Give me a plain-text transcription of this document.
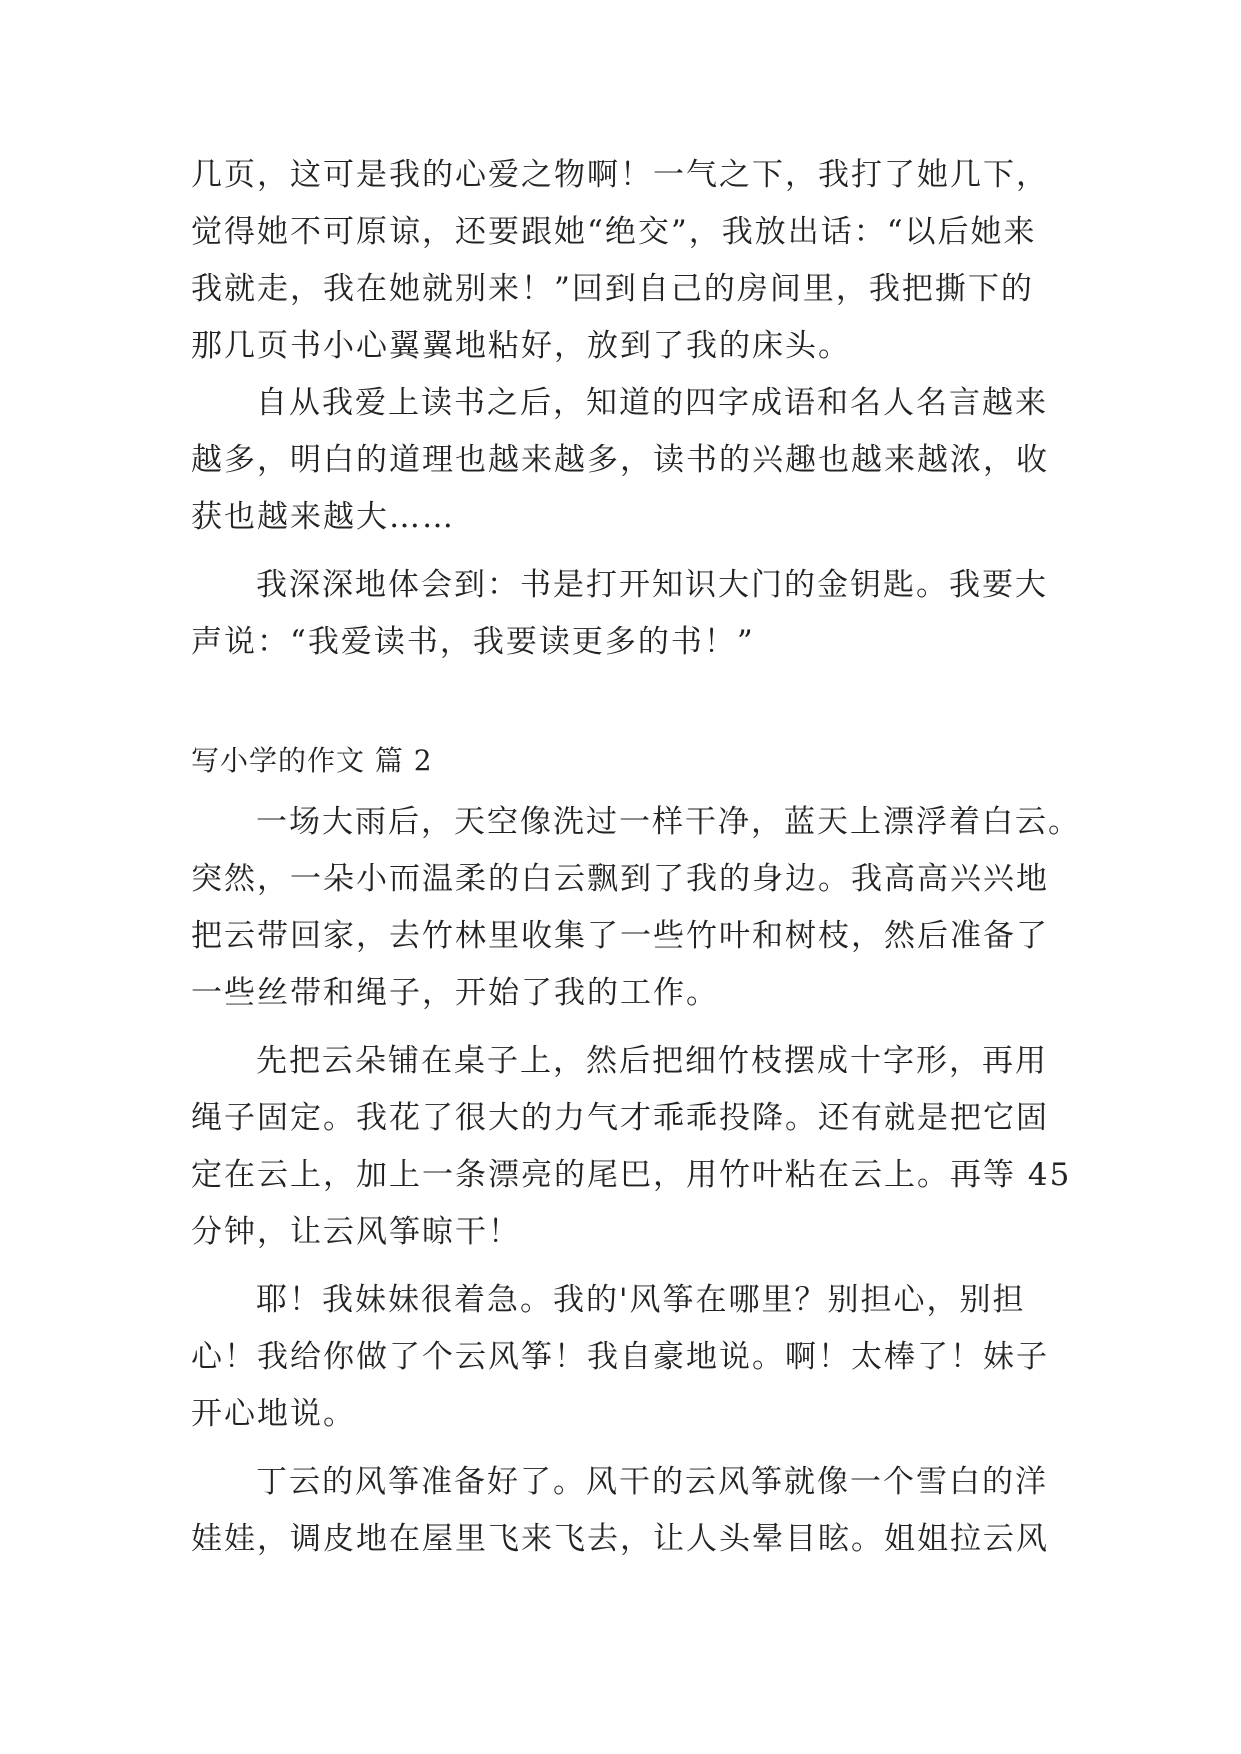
几页，这可是我的心爱之物啊！一气之下，我打了她几下，
觉得她不可原谅，还要跟她“绝交”，我放出话：“以后她来
我就走，我在她就别来！”回到自己的房间里，我把撕下的
那几页书小心翼翼地粘好，放到了我的床头。
自从我爱上读书之后，知道的四字成语和名人名言越来
越多，明白的道理也越来越多，读书的兴趣也越来越浓，收
获也越来越大……
我深深地体会到：书是打开知识大门的金钥匙。我要大
声说：“我爱读书，我要读更多的书！”
写小学的作文 篇 2
一场大雨后，天空像洗过一样干净，蓝天上漂浮着白云。
突然，一朵小而温柔的白云飘到了我的身边。我高高兴兴地
把云带回家，去竹林里收集了一些竹叶和树枝，然后准备了
一些丝带和绳子，开始了我的工作。
先把云朵铺在桌子上，然后把细竹枝摆成十字形，再用
绳子固定。我花了很大的力气才乖乖投降。还有就是把它固
定在云上，加上一条漂亮的尾巴，用竹叶粘在云上。再等 45
分钟，让云风筝晾干！
耶！我妹妹很着急。我的'风筝在哪里？别担心，别担
心！我给你做了个云风筝！我自豪地说。啊！太棒了！妹子
开心地说。
丁云的风筝准备好了。风干的云风筝就像一个雪白的洋
娃娃，调皮地在屋里飞来飞去，让人头晕目眩。姐姐拉云风
